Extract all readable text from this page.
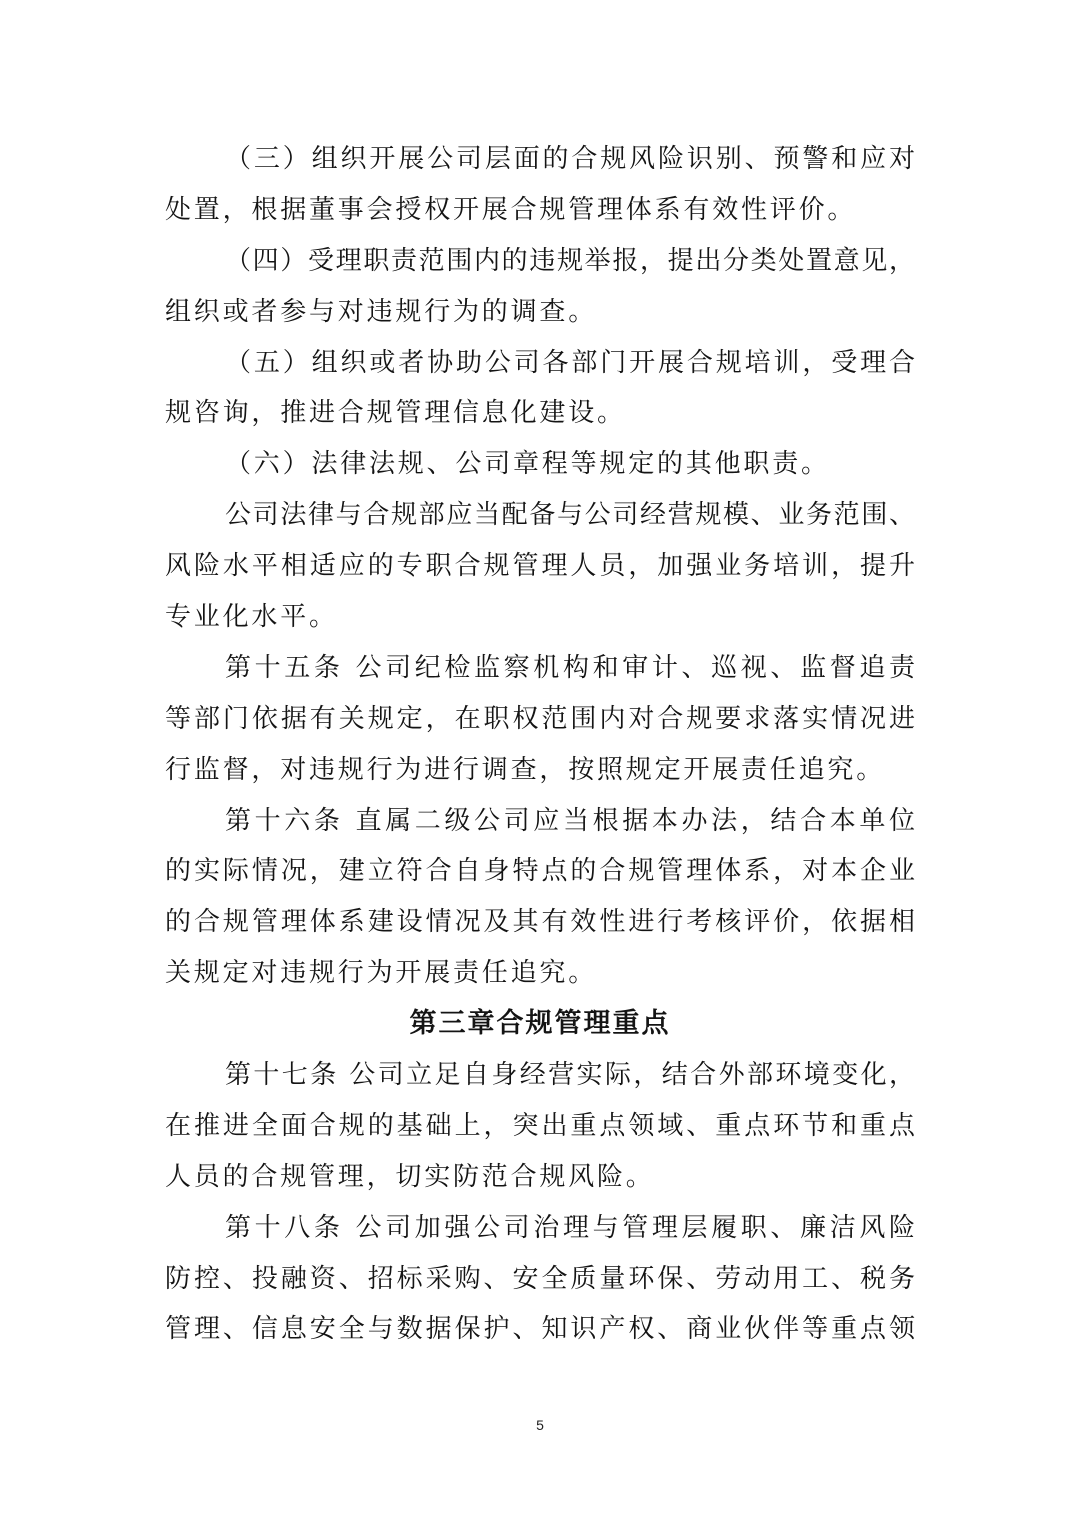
（三）组织开展公司层面的合规风险识别、预警和应对
处置，根据董事会授权开展合规管理体系有效性评价。
（四）受理职责范围内的违规举报，提出分类处置意见，
组织或者参与对违规行为的调查。
（五）组织或者协助公司各部门开展合规培训，受理合
规咨询，推进合规管理信息化建设。
（六）法律法规、公司章程等规定的其他职责。
公司法律与合规部应当配备与公司经营规模、业务范围、
风险水平相适应的专职合规管理人员，加强业务培训，提升
专业化水平。
第十五条 公司纪检监察机构和审计、巡视、监督追责
等部门依据有关规定，在职权范围内对合规要求落实情况进
行监督，对违规行为进行调查，按照规定开展责任追究。
第十六条 直属二级公司应当根据本办法，结合本单位
的实际情况，建立符合自身特点的合规管理体系，对本企业
的合规管理体系建设情况及其有效性进行考核评价，依据相
关规定对违规行为开展责任追究。
第三章合规管理重点
第十七条 公司立足自身经营实际，结合外部环境变化，
在推进全面合规的基础上，突出重点领域、重点环节和重点
人员的合规管理，切实防范合规风险。
第十八条 公司加强公司治理与管理层履职、廉洁风险
防控、投融资、招标采购、安全质量环保、劳动用工、税务
管理、信息安全与数据保护、知识产权、商业伙伴等重点领
5
